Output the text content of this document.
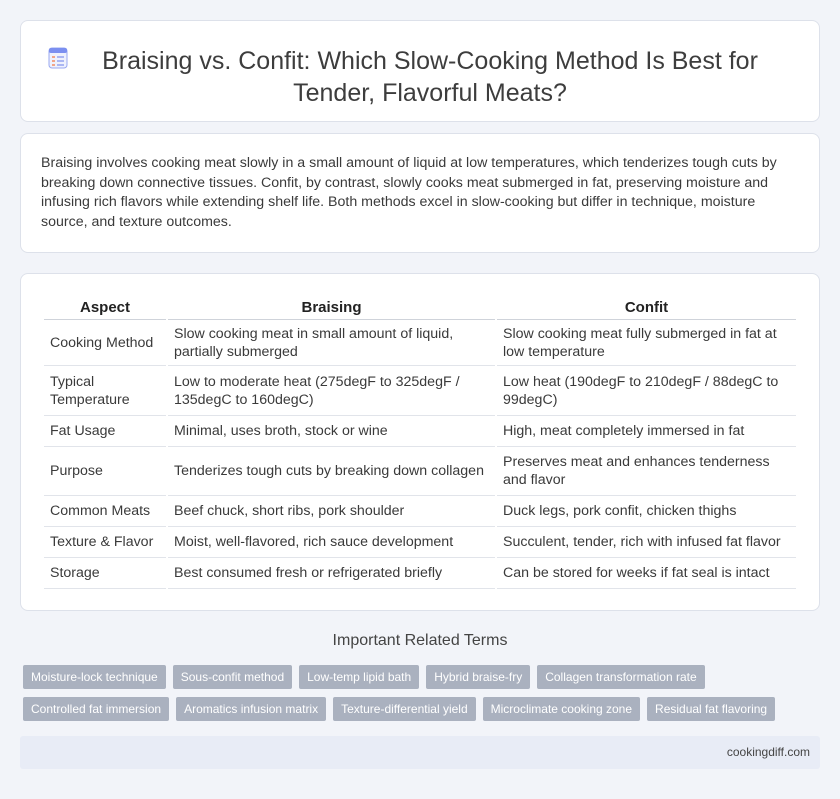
Braising vs. Confit: Which Slow-Cooking Method Is Best for Tender, Flavorful Meats?

Braising involves cooking meat slowly in a small amount of liquid at low temperatures, which tenderizes tough cuts by breaking down connective tissues. Confit, by contrast, slowly cooks meat submerged in fat, preserving moisture and infusing rich flavors while extending shelf life. Both methods excel in slow-cooking but differ in technique, moisture source, and texture outcomes.

Aspect	Braising	Confit
Cooking Method	Slow cooking meat in small amount of liquid, partially submerged	Slow cooking meat fully submerged in fat at low temperature
Typical Temperature	Low to moderate heat (275degF to 325degF / 135degC to 160degC)	Low heat (190degF to 210degF / 88degC to 99degC)
Fat Usage	Minimal, uses broth, stock or wine	High, meat completely immersed in fat
Purpose	Tenderizes tough cuts by breaking down collagen	Preserves meat and enhances tenderness and flavor
Common Meats	Beef chuck, short ribs, pork shoulder	Duck legs, pork confit, chicken thighs
Texture & Flavor	Moist, well-flavored, rich sauce development	Succulent, tender, rich with infused fat flavor
Storage	Best consumed fresh or refrigerated briefly	Can be stored for weeks if fat seal is intact
Important Related Terms
Moisture-lock technique	Sous-confit method	Low-temp lipid bath	Hybrid braise-fry	Collagen transformation rate
Controlled fat immersion	Aromatics infusion matrix	Texture-differential yield	Microclimate cooking zone	Residual fat flavoring
cookingdiff.com
